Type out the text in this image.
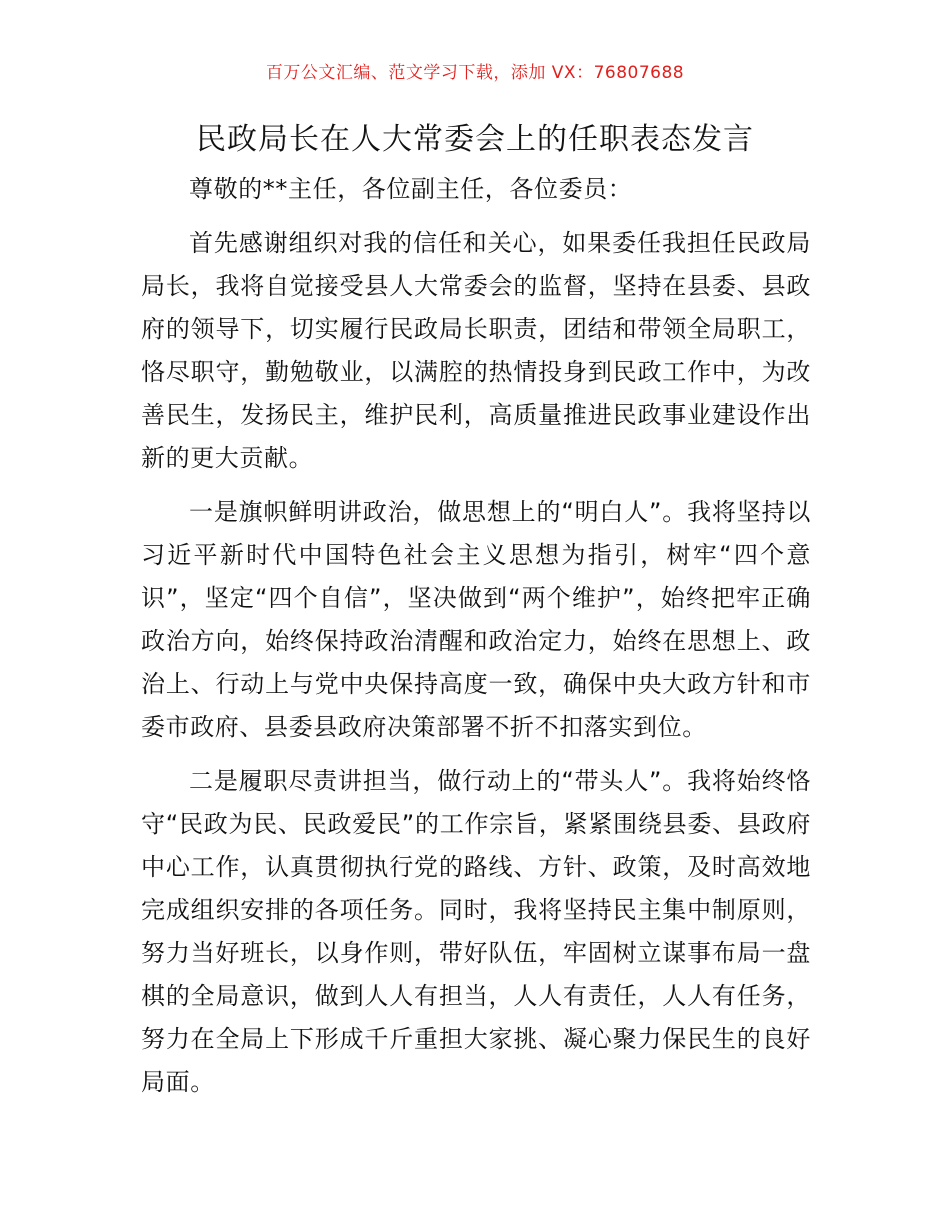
百万公文汇编、范文学习下载，添加 VX：76807688
民政局长在人大常委会上的任职表态发言

尊敬的**主任，各位副主任，各位委员：

首先感谢组织对我的信任和关心，如果委任我担任民政局局长，我将自觉接受县人大常委会的监督，坚持在县委、县政府的领导下，切实履行民政局长职责，团结和带领全局职工，恪尽职守，勤勉敬业，以满腔的热情投身到民政工作中，为改善民生，发扬民主，维护民利，高质量推进民政事业建设作出新的更大贡献。

一是旗帜鲜明讲政治，做思想上的“明白人”。我将坚持以习近平新时代中国特色社会主义思想为指引，树牢“四个意识”，坚定“四个自信”，坚决做到“两个维护”，始终把牢正确政治方向，始终保持政治清醒和政治定力，始终在思想上、政治上、行动上与党中央保持高度一致，确保中央大政方针和市委市政府、县委县政府决策部署不折不扣落实到位。

二是履职尽责讲担当，做行动上的“带头人”。我将始终恪守“民政为民、民政爱民”的工作宗旨，紧紧围绕县委、县政府中心工作，认真贯彻执行党的路线、方针、政策，及时高效地完成组织安排的各项任务。同时，我将坚持民主集中制原则，努力当好班长，以身作则，带好队伍，牢固树立谋事布局一盘棋的全局意识，做到人人有担当，人人有责任，人人有任务，努力在全局上下形成千斤重担大家挑、凝心聚力保民生的良好局面。
